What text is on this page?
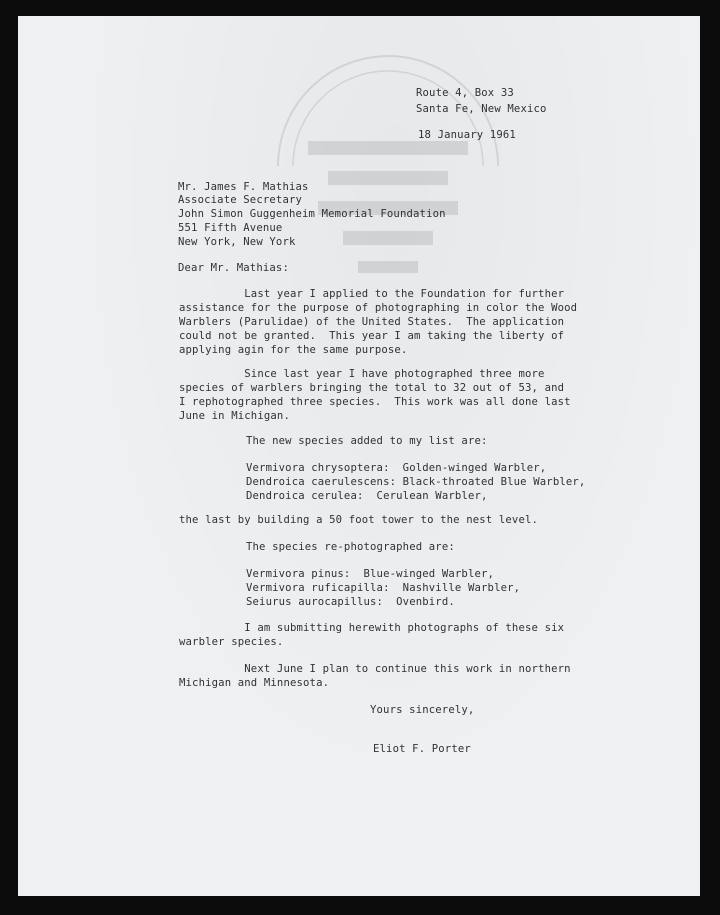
Route 4, Box 33

Santa Fe, New Mexico

18 January 1961

Mr. James F. Mathias

Associate Secretary

John Simon Guggenheim Memorial Foundation

551 Fifth Avenue

New York, New York

Dear Mr. Mathias:

Last year I applied to the Foundation for further

assistance for the purpose of photographing in color the Wood

Warblers (Parulidae) of the United States.  The application

could not be granted.  This year I am taking the liberty of

applying agin for the same purpose.

Since last year I have photographed three more

species of warblers bringing the total to 32 out of 53, and

I rephotographed three species.  This work was all done last

June in Michigan.

The new species added to my list are:

Vermivora chrysoptera:  Golden-winged Warbler,

Dendroica caerulescens: Black-throated Blue Warbler,

Dendroica cerulea:  Cerulean Warbler,

the last by building a 50 foot tower to the nest level.

The species re-photographed are:

Vermivora pinus:  Blue-winged Warbler,

Vermivora ruficapilla:  Nashville Warbler,

Seiurus aurocapillus:  Ovenbird.

I am submitting herewith photographs of these six

warbler species.

Next June I plan to continue this work in northern

Michigan and Minnesota.

Yours sincerely,

Eliot F. Porter
